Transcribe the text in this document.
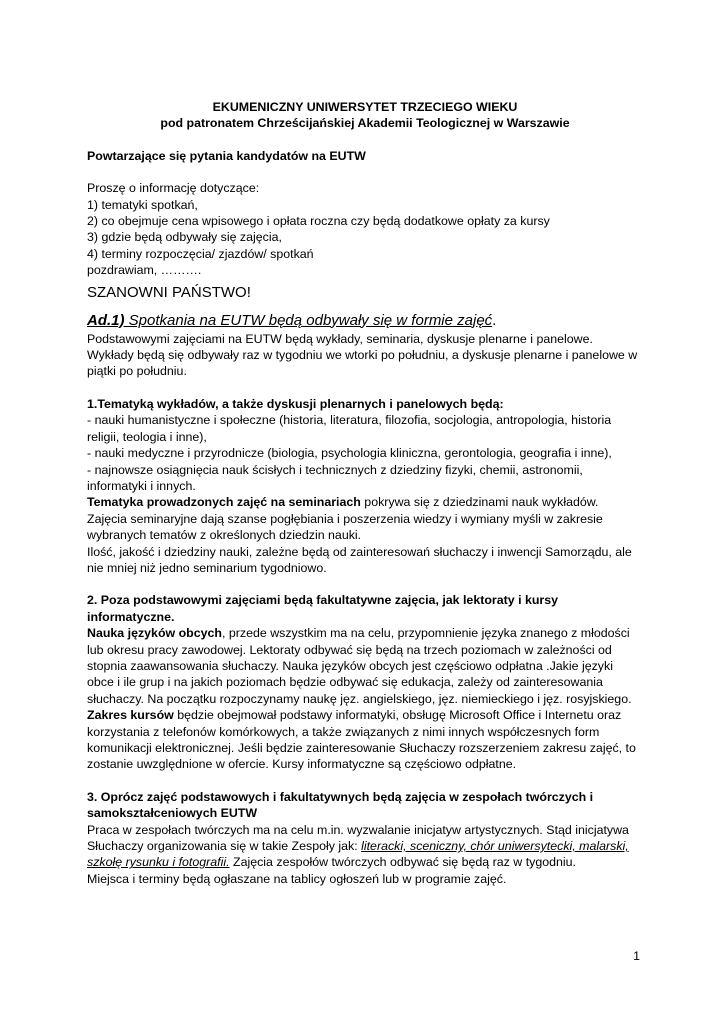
EKUMENICZNY UNIWERSYTET TRZECIEGO WIEKU

pod patronatem Chrześcijańskiej Akademii Teologicznej w Warszawie

Powtarzające się pytania kandydatów na EUTW

Proszę o informację dotyczące:

1) tematyki spotkań,

2) co obejmuje cena wpisowego i opłata roczna czy będą dodatkowe opłaty za kursy

3) gdzie będą odbywały się zajęcia,

4) terminy rozpoczęcia/ zjazdów/ spotkań

pozdrawiam, ……….

SZANOWNI PAŃSTWO!

Ad.1) Spotkania na EUTW będą odbywały się w formie zajęć.

Podstawowymi zajęciami na EUTW będą wykłady, seminaria, dyskusje plenarne i panelowe.

Wykłady będą się odbywały raz w tygodniu we wtorki po południu, a dyskusje plenarne i panelowe w piątki po południu.

1.Tematyką wykładów, a także dyskusji plenarnych i panelowych będą:

- nauki humanistyczne i społeczne (historia, literatura, filozofia, socjologia, antropologia, historia religii, teologia i inne),

- nauki medyczne i przyrodnicze (biologia, psychologia kliniczna, gerontologia, geografia i inne),

- najnowsze osiągnięcia nauk ścisłych i technicznych z dziedziny fizyki, chemii, astronomii, informatyki i innych.

Tematyka prowadzonych zajęć na seminariach pokrywa się z dziedzinami nauk wykładów.

Zajęcia seminaryjne dają szanse pogłębiania i poszerzenia wiedzy i wymiany myśli w zakresie wybranych tematów z określonych dziedzin nauki.

Ilość, jakość i dziedziny nauki, zależne będą od zainteresowań słuchaczy i inwencji Samorządu, ale nie mniej niż jedno seminarium tygodniowo.

2. Poza podstawowymi zajęciami będą fakultatywne zajęcia, jak lektoraty i kursy informatyczne.

Nauka języków obcych, przede wszystkim ma na celu, przypomnienie języka znanego z młodości lub okresu pracy zawodowej. Lektoraty odbywać się będą na trzech poziomach w zależności od stopnia zaawansowania słuchaczy. Nauka języków obcych jest częściowo odpłatna .Jakie języki obce i ile grup i na jakich poziomach będzie odbywać się edukacja, zależy od zainteresowania słuchaczy. Na początku rozpoczynamy naukę jęz. angielskiego, jęz. niemieckiego i jęz. rosyjskiego.

Zakres kursów będzie obejmował podstawy informatyki, obsługę Microsoft Office i Internetu oraz korzystania z telefonów komórkowych, a także związanych z nimi innych współczesnych form komunikacji elektronicznej. Jeśli będzie zainteresowanie Słuchaczy rozszerzeniem zakresu zajęć, to zostanie uwzględnione w ofercie. Kursy informatyczne są częściowo odpłatne.

3. Oprócz zajęć podstawowych i fakultatywnych będą zajęcia w zespołach twórczych i samokształceniowych EUTW

Praca w zespołach twórczych ma na celu m.in. wyzwalanie inicjatyw artystycznych. Stąd inicjatywa Słuchaczy organizowania się w takie Zespoły jak: literacki, sceniczny, chór uniwersytecki, malarski, szkołę rysunku i fotografii. Zajęcia zespołów twórczych odbywać się będą raz w tygodniu.

Miejsca i terminy będą ogłaszane na tablicy ogłoszeń lub w programie zajęć.

1
